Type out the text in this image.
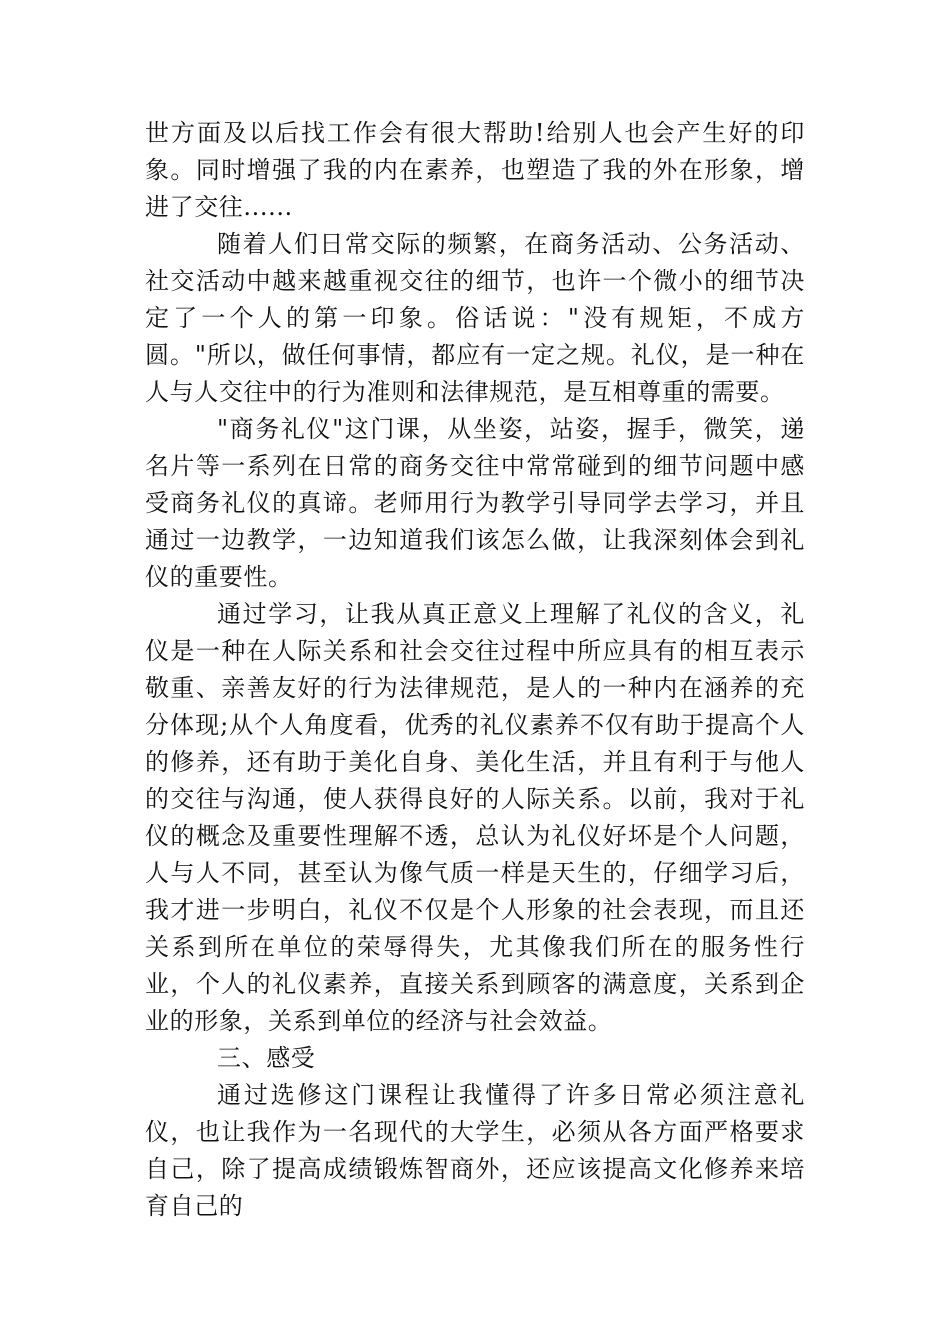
世方面及以后找工作会有很大帮助!给别人也会产生好的印象。同时增强了我的内在素养，也塑造了我的外在形象，增进了交往......

随着人们日常交际的频繁，在商务活动、公务活动、社交活动中越来越重视交往的细节，也许一个微小的细节决定了一个人的第一印象。俗话说："没有规矩，不成方圆。"所以，做任何事情，都应有一定之规。礼仪，是一种在人与人交往中的行为准则和法律规范，是互相尊重的需要。

"商务礼仪"这门课，从坐姿，站姿，握手，微笑，递名片等一系列在日常的商务交往中常常碰到的细节问题中感受商务礼仪的真谛。老师用行为教学引导同学去学习，并且通过一边教学，一边知道我们该怎么做，让我深刻体会到礼仪的重要性。

通过学习，让我从真正意义上理解了礼仪的含义，礼仪是一种在人际关系和社会交往过程中所应具有的相互表示敬重、亲善友好的行为法律规范，是人的一种内在涵养的充分体现;从个人角度看，优秀的礼仪素养不仅有助于提高个人的修养，还有助于美化自身、美化生活，并且有利于与他人的交往与沟通，使人获得良好的人际关系。以前，我对于礼仪的概念及重要性理解不透，总认为礼仪好坏是个人问题，人与人不同，甚至认为像气质一样是天生的，仔细学习后，我才进一步明白，礼仪不仅是个人形象的社会表现，而且还关系到所在单位的荣辱得失，尤其像我们所在的服务性行业，个人的礼仪素养，直接关系到顾客的满意度，关系到企业的形象，关系到单位的经济与社会效益。

三、感受

通过选修这门课程让我懂得了许多日常必须注意礼仪，也让我作为一名现代的大学生，必须从各方面严格要求自己，除了提高成绩锻炼智商外，还应该提高文化修养来培育自己的
